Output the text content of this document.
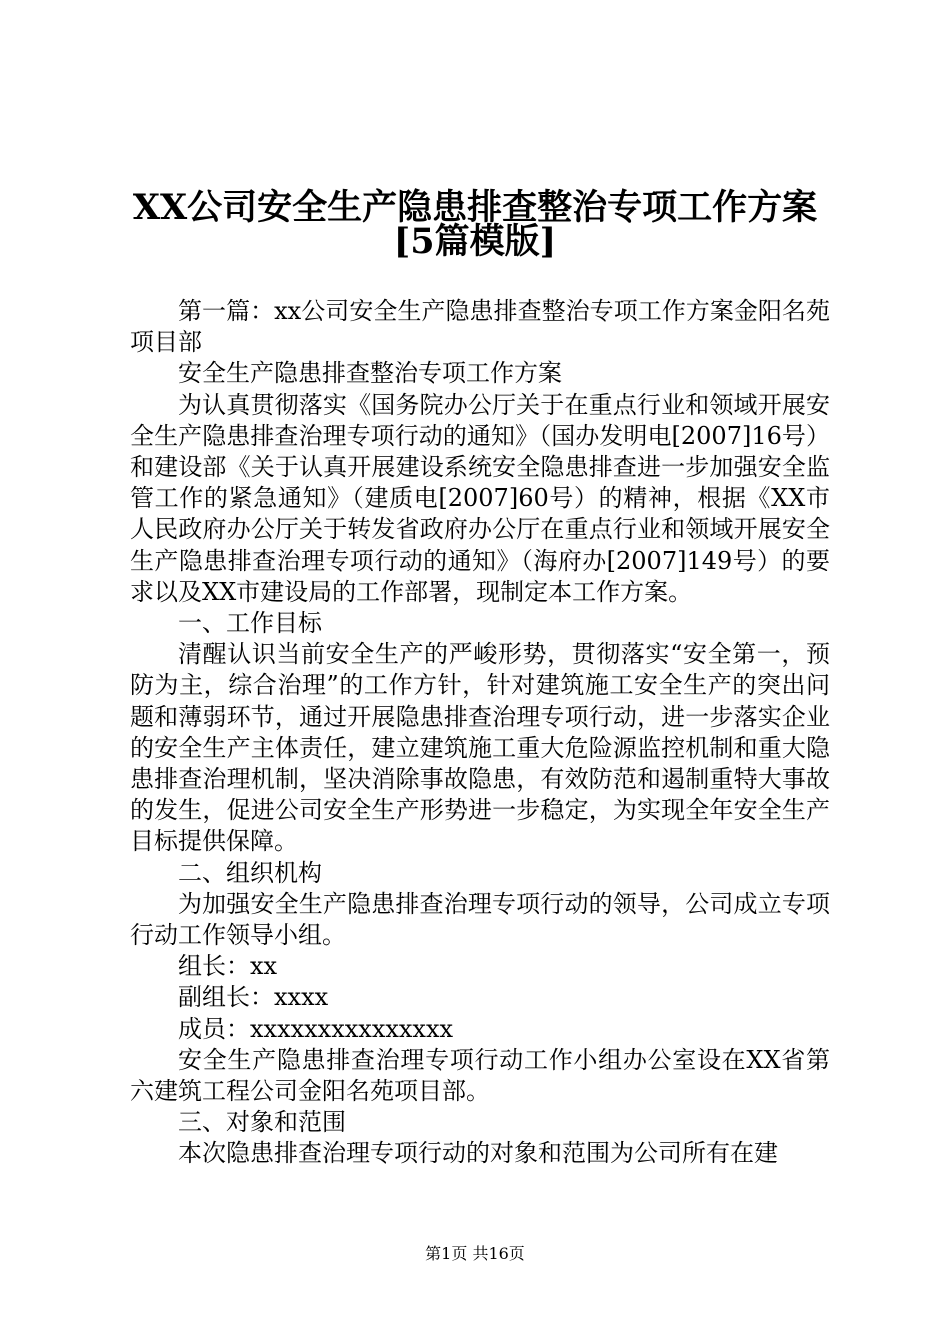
XX公司安全生产隐患排查整治专项工作方案
[5篇模版]

第一篇：xx公司安全生产隐患排查整治专项工作方案金阳名苑项目部

安全生产隐患排查整治专项工作方案

为认真贯彻落实《国务院办公厅关于在重点行业和领域开展安全生产隐患排查治理专项行动的通知》（国办发明电[2007]16号）和建设部《关于认真开展建设系统安全隐患排查进一步加强安全监管工作的紧急通知》（建质电[2007]60号）的精神，根据《XX市人民政府办公厅关于转发省政府办公厅在重点行业和领域开展安全生产隐患排查治理专项行动的通知》（海府办[2007]149号）的要求以及XX市建设局的工作部署，现制定本工作方案。

一、工作目标

清醒认识当前安全生产的严峻形势，贯彻落实“安全第一，预防为主，综合治理”的工作方针，针对建筑施工安全生产的突出问题和薄弱环节，通过开展隐患排查治理专项行动，进一步落实企业的安全生产主体责任，建立建筑施工重大危险源监控机制和重大隐患排查治理机制，坚决消除事故隐患，有效防范和遏制重特大事故的发生，促进公司安全生产形势进一步稳定，为实现全年安全生产目标提供保障。

二、组织机构

为加强安全生产隐患排查治理专项行动的领导，公司成立专项行动工作领导小组。

组长：xx

副组长：xxxx

成员：xxxxxxxxxxxxxxx

安全生产隐患排查治理专项行动工作小组办公室设在XX省第六建筑工程公司金阳名苑项目部。

三、对象和范围

本次隐患排查治理专项行动的对象和范围为公司所有在建

第1页 共16页
